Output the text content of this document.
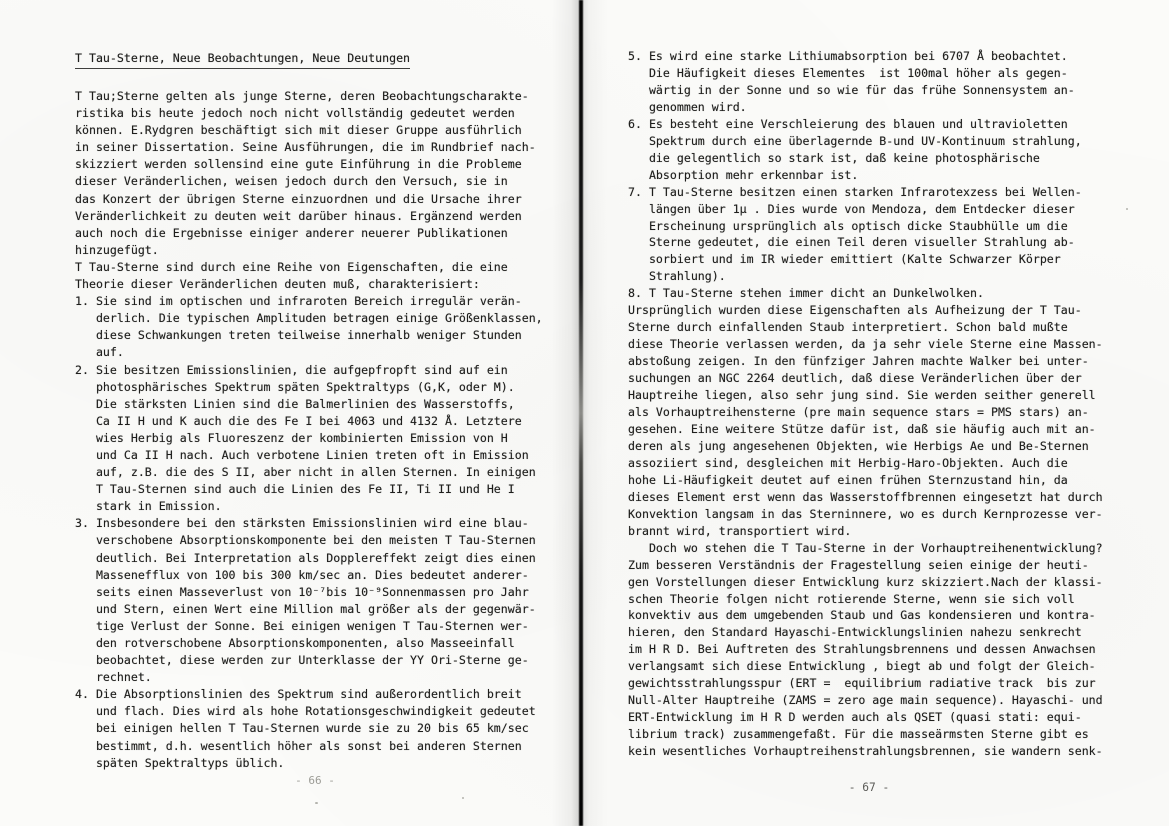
T Tau-Sterne, Neue Beobachtungen, Neue Deutungen
T Tau;Sterne gelten als junge Sterne, deren Beobachtungscharakte-
ristika bis heute jedoch noch nicht vollständig gedeutet werden
können. E.Rydgren beschäftigt sich mit dieser Gruppe ausführlich
in seiner Dissertation. Seine Ausführungen, die im Rundbrief nach-
skizziert werden sollensind eine gute Einführung in die Probleme
dieser Veränderlichen, weisen jedoch durch den Versuch, sie in
das Konzert der übrigen Sterne einzuordnen und die Ursache ihrer
Veränderlichkeit zu deuten weit darüber hinaus. Ergänzend werden
auch noch die Ergebnisse einiger anderer neuerer Publikationen
hinzugefügt.
T Tau-Sterne sind durch eine Reihe von Eigenschaften, die eine
Theorie dieser Veränderlichen deuten muß, charakterisiert:
1. Sie sind im optischen und infraroten Bereich irregulär verän-
derlich. Die typischen Amplituden betragen einige Größenklassen,
diese Schwankungen treten teilweise innerhalb weniger Stunden
auf.
2. Sie besitzen Emissionslinien, die aufgepfropft sind auf ein
photosphärisches Spektrum späten Spektraltyps (G,K, oder M).
Die stärksten Linien sind die Balmerlinien des Wasserstoffs,
Ca II H und K auch die des Fe I bei 4063 und 4132 Å. Letztere
wies Herbig als Fluoreszenz der kombinierten Emission von H
und Ca II H nach. Auch verbotene Linien treten oft in Emission
auf, z.B. die des S II, aber nicht in allen Sternen. In einigen
T Tau-Sternen sind auch die Linien des Fe II, Ti II und He I
stark in Emission.
3. Insbesondere bei den stärksten Emissionslinien wird eine blau-
verschobene Absorptionskomponente bei den meisten T Tau-Sternen
deutlich. Bei Interpretation als Dopplereffekt zeigt dies einen
Massenefflux von 100 bis 300 km/sec an. Dies bedeutet anderer-
seits einen Masseverlust von 10⁻⁷bis 10⁻⁹Sonnenmassen pro Jahr
und Stern, einen Wert eine Million mal größer als der gegenwär-
tige Verlust der Sonne. Bei einigen wenigen T Tau-Sternen wer-
den rotverschobene Absorptionskomponenten, also Masseeinfall
beobachtet, diese werden zur Unterklasse der YY Ori-Sterne ge-
rechnet.
4. Die Absorptionslinien des Spektrum sind außerordentlich breit
und flach. Dies wird als hohe Rotationsgeschwindigkeit gedeutet
bei einigen hellen T Tau-Sternen wurde sie zu 20 bis 65 km/sec
bestimmt, d.h. wesentlich höher als sonst bei anderen Sternen
späten Spektraltyps üblich.
- 66 -
5. Es wird eine starke Lithiumabsorption bei 6707 Å beobachtet.
Die Häufigkeit dieses Elementes  ist 100mal höher als gegen-
wärtig in der Sonne und so wie für das frühe Sonnensystem an-
genommen wird.
6. Es besteht eine Verschleierung des blauen und ultravioletten
Spektrum durch eine überlagernde B-und UV-Kontinuum strahlung,
die gelegentlich so stark ist, daß keine photosphärische
Absorption mehr erkennbar ist.
7. T Tau-Sterne besitzen einen starken Infrarotexzess bei Wellen-
längen über 1μ . Dies wurde von Mendoza, dem Entdecker dieser
Erscheinung ursprünglich als optisch dicke Staubhülle um die
Sterne gedeutet, die einen Teil deren visueller Strahlung ab-
sorbiert und im IR wieder emittiert (Kalte Schwarzer Körper
Strahlung).
8. T Tau-Sterne stehen immer dicht an Dunkelwolken.
Ursprünglich wurden diese Eigenschaften als Aufheizung der T Tau-
Sterne durch einfallenden Staub interpretiert. Schon bald mußte
diese Theorie verlassen werden, da ja sehr viele Sterne eine Massen-
abstoßung zeigen. In den fünfziger Jahren machte Walker bei unter-
suchungen an NGC 2264 deutlich, daß diese Veränderlichen über der
Hauptreihe liegen, also sehr jung sind. Sie werden seither generell
als Vorhauptreihensterne (pre main sequence stars = PMS stars) an-
gesehen. Eine weitere Stütze dafür ist, daß sie häufig auch mit an-
deren als jung angesehenen Objekten, wie Herbigs Ae und Be-Sternen
assoziiert sind, desgleichen mit Herbig-Haro-Objekten. Auch die
hohe Li-Häufigkeit deutet auf einen frühen Sternzustand hin, da
dieses Element erst wenn das Wasserstoffbrennen eingesetzt hat durch
Konvektion langsam in das Sterninnere, wo es durch Kernprozesse ver-
brannt wird, transportiert wird.
Doch wo stehen die T Tau-Sterne in der Vorhauptreihenentwicklung?
Zum besseren Verständnis der Fragestellung seien einige der heuti-
gen Vorstellungen dieser Entwicklung kurz skizziert.Nach der klassi-
schen Theorie folgen nicht rotierende Sterne, wenn sie sich voll
konvektiv aus dem umgebenden Staub und Gas kondensieren und kontra-
hieren, den Standard Hayaschi-Entwicklungslinien nahezu senkrecht
im H R D. Bei Auftreten des Strahlungsbrennens und dessen Anwachsen
verlangsamt sich diese Entwicklung , biegt ab und folgt der Gleich-
gewichtsstrahlungsspur (ERT =  equilibrium radiative track  bis zur
Null-Alter Hauptreihe (ZAMS = zero age main sequence). Hayaschi- und
ERT-Entwicklung im H R D werden auch als QSET (quasi stati: equi-
librium track) zusammengefaßt. Für die masseärmsten Sterne gibt es
kein wesentliches Vorhauptreihenstrahlungsbrennen, sie wandern senk-
- 67 -
